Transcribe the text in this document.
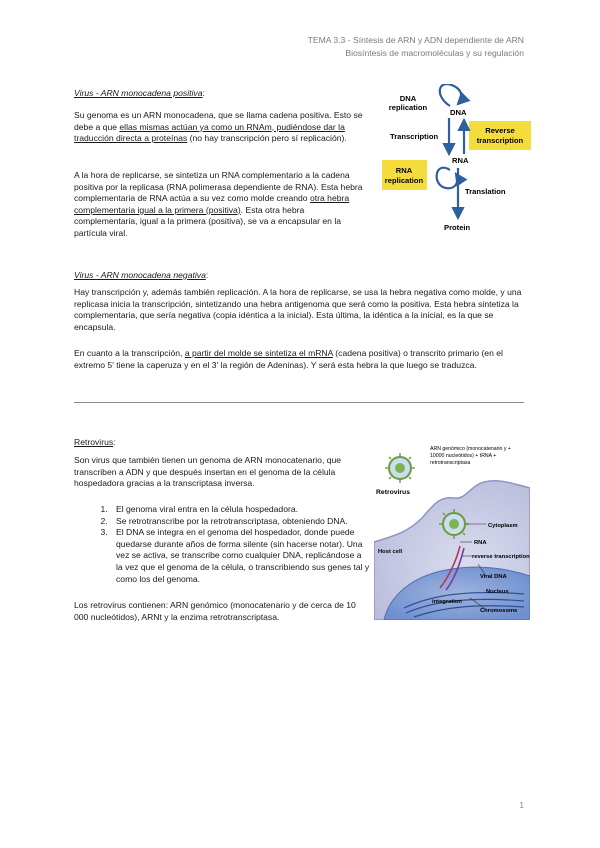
TEMA 3.3 - Síntesis de ARN y ADN dependiente de ARN
Biosíntesis de macromoléculas y su regulación
Virus - ARN monocadena positiva:

Su genoma es un ARN monocadena, que se llama cadena positiva. Esto se debe a que ellas mismas actúan ya como un RNAm, pudiéndose dar la traducción directa a proteínas (no hay transcripción pero sí replicación).

A la hora de replicarse, se sintetiza un RNA complementario a la cadena positiva por la replicasa (RNA polimerasa dependiente de RNA). Esta hebra complementaria de RNA actúa a su vez como molde creando otra hebra complementaria igual a la primera (positiva). Esta otra hebra complementaria, igual a la primera (positiva), se va a encapsular en la partícula viral.

DNA
replication
DNA
Transcription
Reverse
transcription
RNA
RNA
replication
Translation
Protein
Virus - ARN monocadena negativa:

Hay transcripción y, además también replicación. A la hora de replicarse, se usa la hebra negativa como molde, y una replicasa inicia la transcripción, sintetizando una hebra antigenoma que será como la positiva. Esta hebra sintetiza la complementaria, que sería negativa (copia idéntica a la inicial). Esta última, la idéntica a la inicial, es la que se encapsula.

En cuanto a la transcripción, a partir del molde se sintetiza el mRNA (cadena positiva) o transcrito primario (en el extremo 5' tiene la caperuza y en el 3' la región de Adeninas). Y será esta hebra la que luego se traduzca.

Retrovirus:

Son virus que también tienen un genoma de ARN monocatenario, que transcriben a ADN y que después insertan en el genoma de la célula hospedadora gracias a la transcriptasa inversa.

1. El genoma viral entra en la célula hospedadora.
2. Se retrotranscribe por la retrotranscriptasa, obteniendo DNA.
3. El DNA se integra en el genoma del hospedador, donde puede quedarse durante años de forma silente (sin hacerse notar). Una vez se activa, se transcribe como cualquier DNA, replicándose a la vez que el genoma de la célula, o transcribiendo sus genes tal y como los del genoma.

Los retrovirus contienen: ARN genómico (monocatenario y de cerca de 10 000 nucleótidos), ARNt y la enzima retrotranscriptasa.

ARN genómico (monocatenario y +
10000 nucleótidos) + tRNA +
retrotranscriptasa
Retrovirus
Cytoplasm
Host cell
RNA
reverse transcription
Viral DNA
Nucleus
integration
Chromosome
1
